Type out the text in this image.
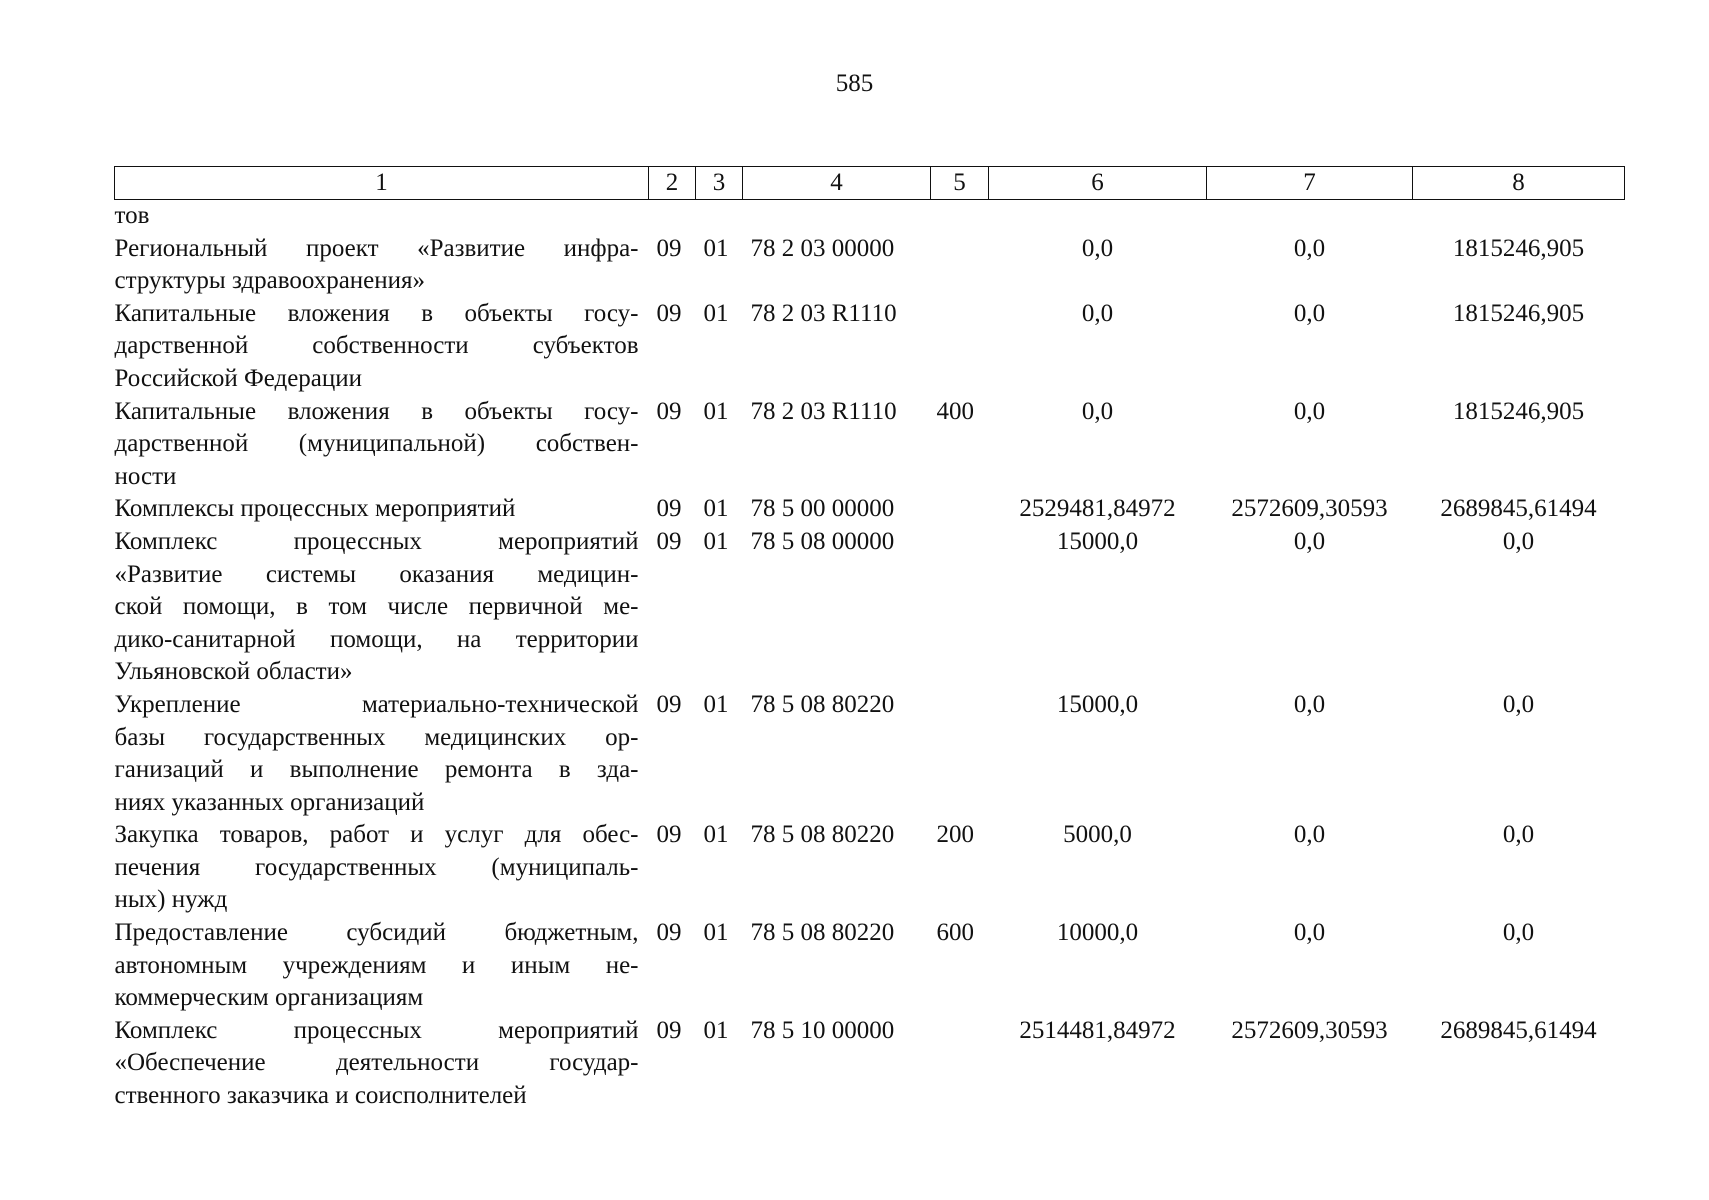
585
1	2	3	4	5	6	7	8

тов							

Региональный проект «Развитие инфра-
структуры здравоохранения»	09	01	78 2 03 00000		0,0	0,0	1815246,905

Капитальные вложения в объекты госу-
дарственной собственности субъектов
Российской Федерации	09	01	78 2 03 R1110		0,0	0,0	1815246,905

Капитальные вложения в объекты госу-
дарственной (муниципальной) собствен-
ности	09	01	78 2 03 R1110	400	0,0	0,0	1815246,905

Комплексы процессных мероприятий	09	01	78 5 00 00000		2529481,84972	2572609,30593	2689845,61494

Комплекс процессных мероприятий
«Развитие системы оказания медицин-
ской помощи, в том числе первичной ме-
дико-санитарной помощи, на территории
Ульяновской области»	09	01	78 5 08 00000		15000,0	0,0	0,0

Укрепление материально-технической
базы государственных медицинских ор-
ганизаций и выполнение ремонта в зда-
ниях указанных организаций	09	01	78 5 08 80220		15000,0	0,0	0,0

Закупка товаров, работ и услуг для обес-
печения государственных (муниципаль-
ных) нужд	09	01	78 5 08 80220	200	5000,0	0,0	0,0

Предоставление субсидий бюджетным,
автономным учреждениям и иным не-
коммерческим организациям	09	01	78 5 08 80220	600	10000,0	0,0	0,0

Комплекс процессных мероприятий
«Обеспечение деятельности государ-
ственного заказчика и соисполнителей	09	01	78 5 10 00000		2514481,84972	2572609,30593	2689845,61494
